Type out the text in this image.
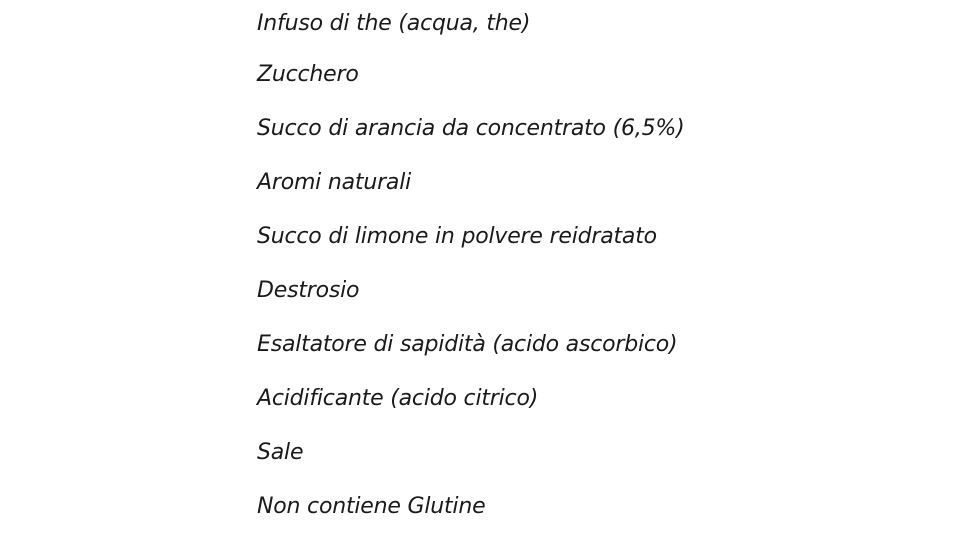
Infuso di the (acqua, the)
Zucchero
Succo di arancia da concentrato (6,5%)
Aromi naturali
Succo di limone in polvere reidratato
Destrosio
Esaltatore di sapidità (acido ascorbico)
Acidificante (acido citrico)
Sale
Non contiene Glutine
